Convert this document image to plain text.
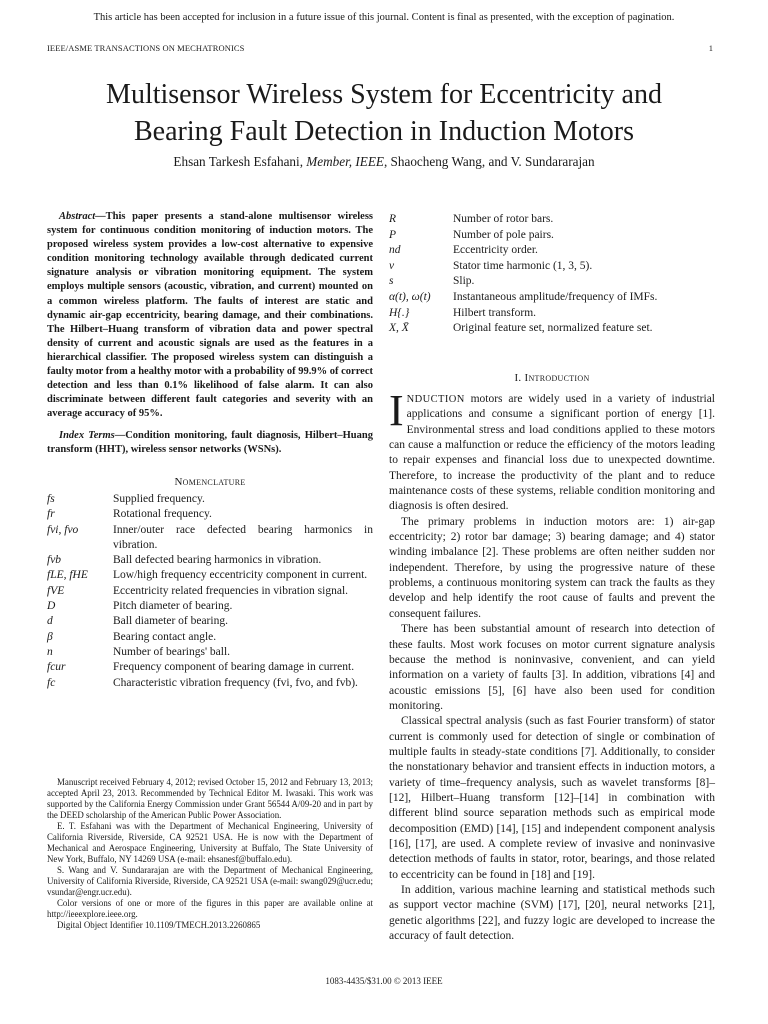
This article has been accepted for inclusion in a future issue of this journal. Content is final as presented, with the exception of pagination.
IEEE/ASME TRANSACTIONS ON MECHATRONICS	1
Multisensor Wireless System for Eccentricity and
Bearing Fault Detection in Induction Motors
Ehsan Tarkesh Esfahani, Member, IEEE, Shaocheng Wang, and V. Sundararajan

Abstract—This paper presents a stand-alone multisensor wireless system for continuous condition monitoring of induction motors. The proposed wireless system provides a low-cost alternative to expensive condition monitoring technology available through dedicated current signature analysis or vibration monitoring equipment. The system employs multiple sensors (acoustic, vibration, and current) mounted on a common wireless platform. The faults of interest are static and dynamic air-gap eccentricity, bearing damage, and their combinations. The Hilbert–Huang transform of vibration data and power spectral density of current and acoustic signals are used as the features in a hierarchical classifier. The proposed wireless system can distinguish a faulty motor from a healthy motor with a probability of 99.9% of correct detection and less than 0.1% likelihood of false alarm. It can also discriminate between different fault categories and severity with an average accuracy of 95%.

Index Terms—Condition monitoring, fault diagnosis, Hilbert–Huang transform (HHT), wireless sensor networks (WSNs).

Nomenclature
fs	Supplied frequency.
fr	Rotational frequency.
fvi, fvo	Inner/outer race defected bearing harmonics in vibration.
fvb	Ball defected bearing harmonics in vibration.
fLE, fHE	Low/high frequency eccentricity component in current.
fVE	Eccentricity related frequencies in vibration signal.
D	Pitch diameter of bearing.
d	Ball diameter of bearing.
β	Bearing contact angle.
n	Number of bearings' ball.
fcur	Frequency component of bearing damage in current.
fc	Characteristic vibration frequency (fvi, fvo, and fvb).

Manuscript received February 4, 2012; revised October 15, 2012 and February 13, 2013; accepted April 23, 2013. Recommended by Technical Editor M. Iwasaki. This work was supported by the California Energy Commission under Grant 56544 A/09-20 and in part by the DEED scholarship of the American Public Power Association.

E. T. Esfahani was with the Department of Mechanical Engineering, University of California Riverside, Riverside, CA 92521 USA. He is now with the Department of Mechanical and Aerospace Engineering, University at Buffalo, The State University of New York, Buffalo, NY 14269 USA (e-mail: ehsanesf@buffalo.edu).

S. Wang and V. Sundararajan are with the Department of Mechanical Engineering, University of California Riverside, Riverside, CA 92521 USA (e-mail: swang029@ucr.edu; vsundar@engr.ucr.edu).

Color versions of one or more of the figures in this paper are available online at http://ieeexplore.ieee.org.

Digital Object Identifier 10.1109/TMECH.2013.2260865

R	Number of rotor bars.
P	Number of pole pairs.
nd	Eccentricity order.
ν	Stator time harmonic (1, 3, 5).
s	Slip.
α(t), ω(t)	Instantaneous amplitude/frequency of IMFs.
H{.}	Hilbert transform.
X, X̄	Original feature set, normalized feature set.
I. Introduction

INDUCTION motors are widely used in a variety of industrial applications and consume a significant portion of energy [1]. Environmental stress and load conditions applied to these motors can cause a malfunction or reduce the efficiency of the motors leading to repair expenses and financial loss due to unexpected downtime. Therefore, to increase the productivity of the plant and to reduce maintenance costs of these systems, reliable condition monitoring and diagnosis is often desired.

The primary problems in induction motors are: 1) air-gap eccentricity; 2) rotor bar damage; 3) bearing damage; and 4) stator winding imbalance [2]. These problems are often neither sudden nor independent. Therefore, by using the progressive nature of these problems, a continuous monitoring system can track the faults as they develop and help identify the root cause of faults and prevent the consequent failures.

There has been substantial amount of research into detection of these faults. Most work focuses on motor current signature analysis because the method is noninvasive, convenient, and can yield information on a variety of faults [3]. In addition, vibrations [4] and acoustic emissions [5], [6] have also been used for condition monitoring.

Classical spectral analysis (such as fast Fourier transform) of stator current is commonly used for detection of single or combination of multiple faults in steady-state conditions [7]. Additionally, to consider the nonstationary behavior and transient effects in induction motors, a variety of time–frequency analysis, such as wavelet transforms [8]–[12], Hilbert–Huang transform [12]–[14] in combination with different blind source separation methods such as empirical mode decomposition (EMD) [14], [15] and independent component analysis [16], [17], are used. A complete review of invasive and noninvasive detection methods of faults in stator, rotor, bearings, and those related to eccentricity can be found in [18] and [19].

In addition, various machine learning and statistical methods such as support vector machine (SVM) [17], [20], neural networks [21], genetic algorithms [22], and fuzzy logic are developed to increase the accuracy of fault detection.

1083-4435/$31.00 © 2013 IEEE
